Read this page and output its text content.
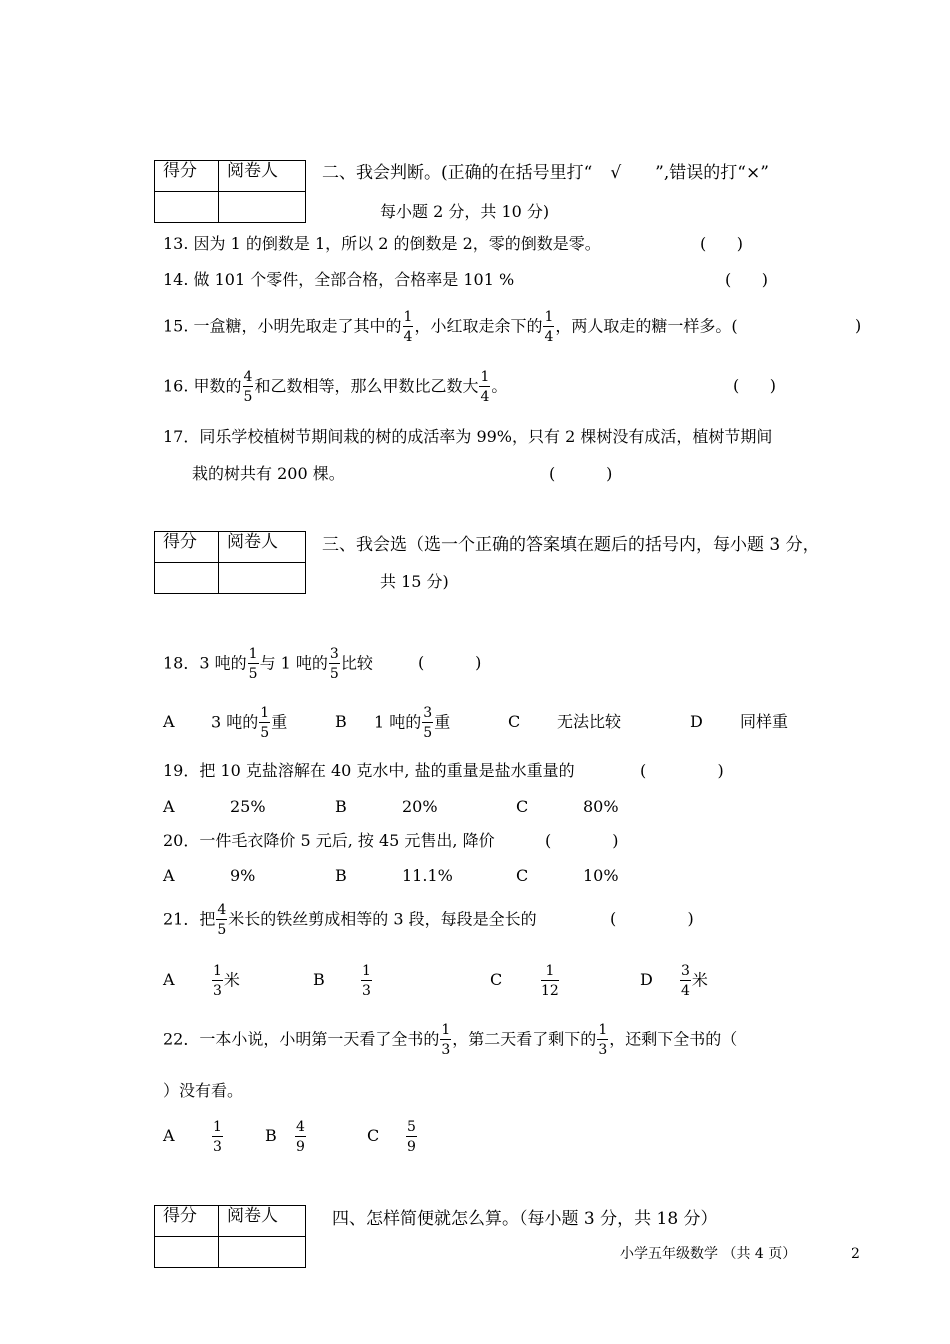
得分	阅卷人
		二、我会判断。(正确的在括号里打“ √ ”,错误的打“×”
每小题 2 分，共 10 分)
13. 因为 1 的倒数是 1，所以 2 的倒数是 2，零的倒数是零。	(      )
14. 做 101 个零件，全部合格，合格率是 101 %	(      )
15. 一盒糖，小明先取走了其中的 $\frac{1}{4}$ ，小红取走余下的 $\frac{1}{4}$ ，两人取走的糖一样多。(	)
16. 甲数的 $\frac{4}{5}$ 和乙数相等，那么甲数比乙数大 $\frac{1}{4}$ 。	(      )
17．同乐学校植树节期间栽的树的成活率为 99%，只有 2 棵树没有成活，植树节期间
栽的树共有 200 棵。	(          )
得分	阅卷人
		三、我会选（选一个正确的答案填在题后的括号内，每小题 3 分，
共 15 分)
18．3 吨的 $\frac{1}{5}$ 与 1 吨的 $\frac{3}{5}$ 比较	(          )
A 3 吨的 $\frac{1}{5}$ 重	B 1 吨的 $\frac{3}{5}$ 重	C 无法比较	D 同样重
19．把 10 克盐溶解在 40 克水中, 盐的重量是盐水重量的	(              )
A	25%	B	20%	C	80%
20．一件毛衣降价 5 元后, 按 45 元售出, 降价	(            )
A	9%	B	11.1%	C	10%
21．把 $\frac{4}{5}$ 米长的铁丝剪成相等的 3 段，每段是全长的	(              )
A	$\frac{1}{3}$ 米	B	$\frac{1}{3}$	C	$\frac{1}{12}$	D $\frac{3}{4}$ 米
22．一本小说，小明第一天看了全书的 $\frac{1}{3}$ ，第二天看了剩下的 $\frac{1}{3}$ ，还剩下全书的（
）没有看。
A	$\frac{1}{3}$	B $\frac{4}{9}$	C $\frac{5}{9}$
得分	阅卷人
		四、怎样简便就怎么算。（每小题 3 分，共 18 分）
小学五年级数学 （共 4 页）	2
